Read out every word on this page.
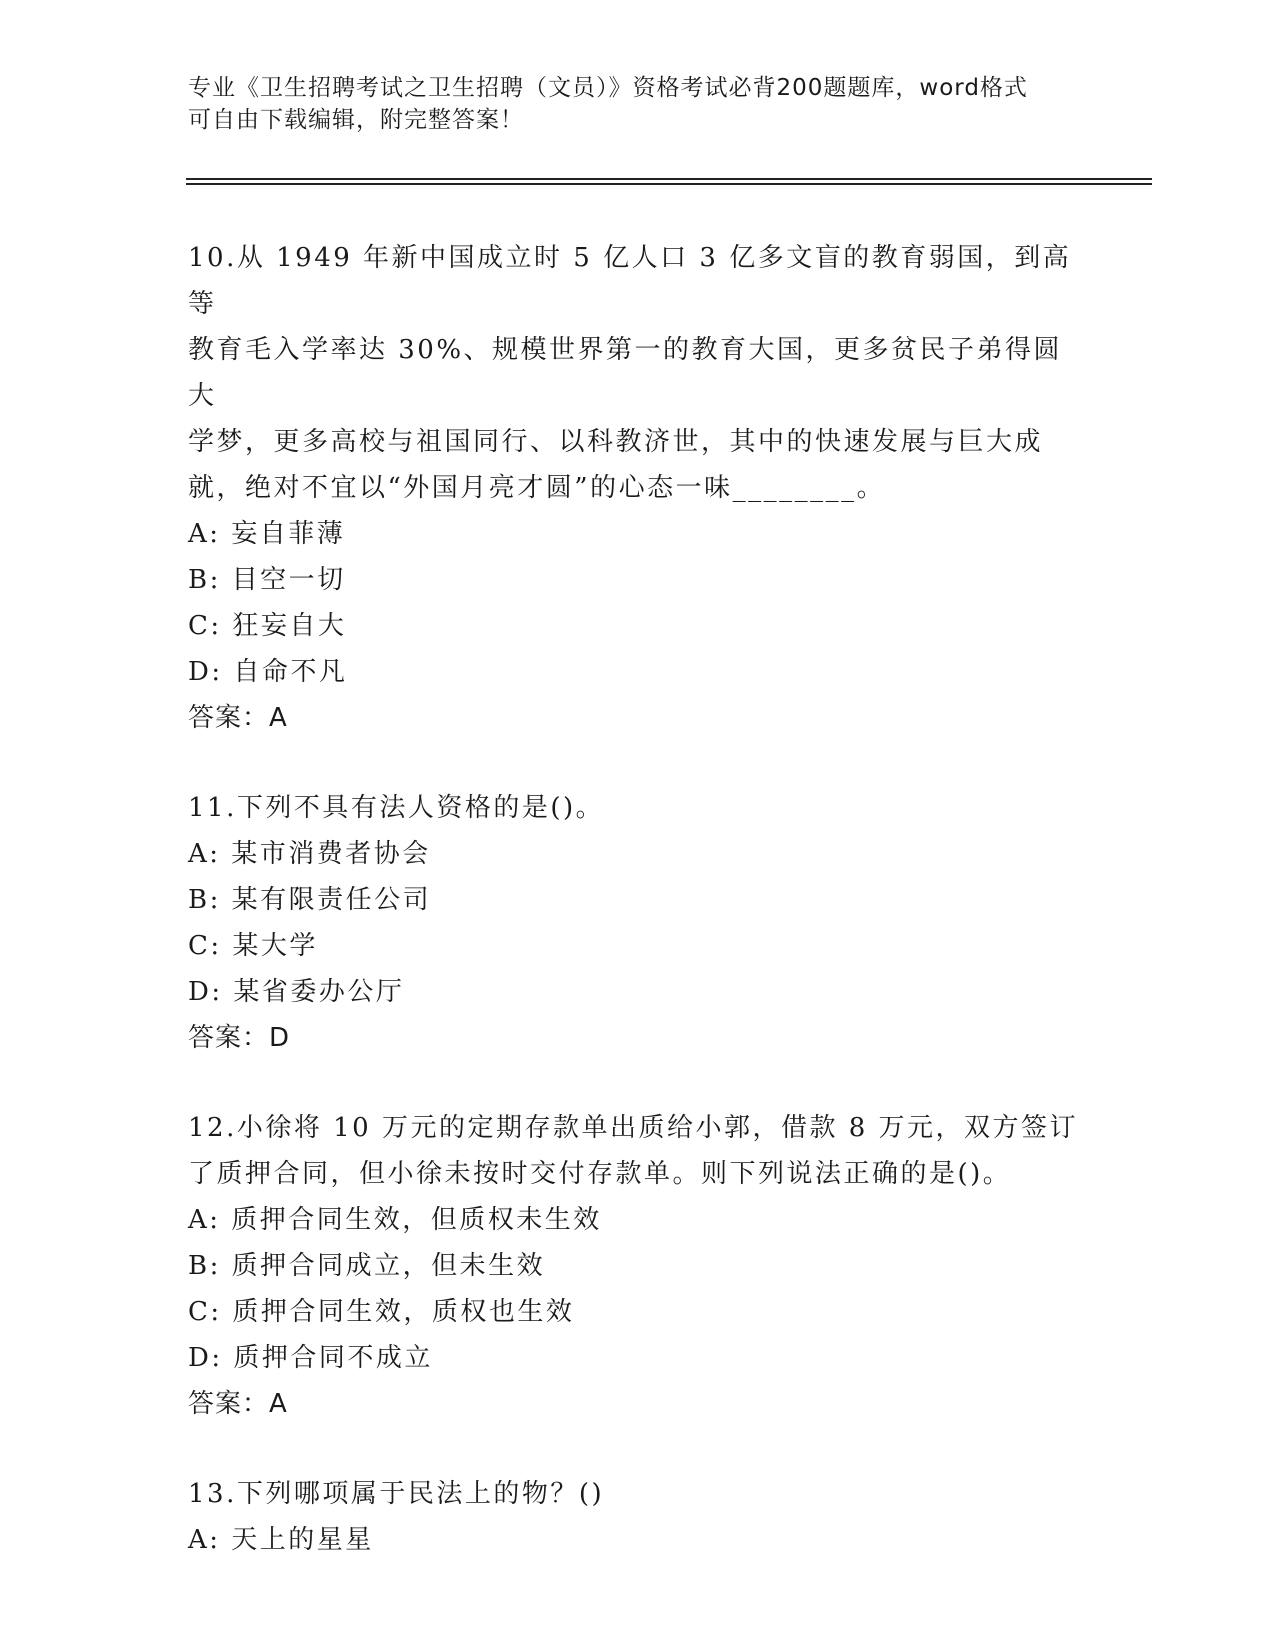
专业《卫生招聘考试之卫生招聘（文员）》资格考试必背200题题库，word格式
可自由下载编辑，附完整答案！

10.从 1949 年新中国成立时 5 亿人口 3 亿多文盲的教育弱国，到高等

教育毛入学率达 30%、规模世界第一的教育大国，更多贫民子弟得圆大

学梦，更多高校与祖国同行、以科教济世，其中的快速发展与巨大成

就，绝对不宜以“外国月亮才圆”的心态一味________。

A: 妄自菲薄

B: 目空一切

C: 狂妄自大

D: 自命不凡

答案：A

11.下列不具有法人资格的是()。

A: 某市消费者协会

B: 某有限责任公司

C: 某大学

D: 某省委办公厅

答案：D

12.小徐将 10 万元的定期存款单出质给小郭，借款 8 万元，双方签订

了质押合同，但小徐未按时交付存款单。则下列说法正确的是()。

A: 质押合同生效，但质权未生效

B: 质押合同成立，但未生效

C: 质押合同生效，质权也生效

D: 质押合同不成立

答案：A

13.下列哪项属于民法上的物？()

A: 天上的星星
